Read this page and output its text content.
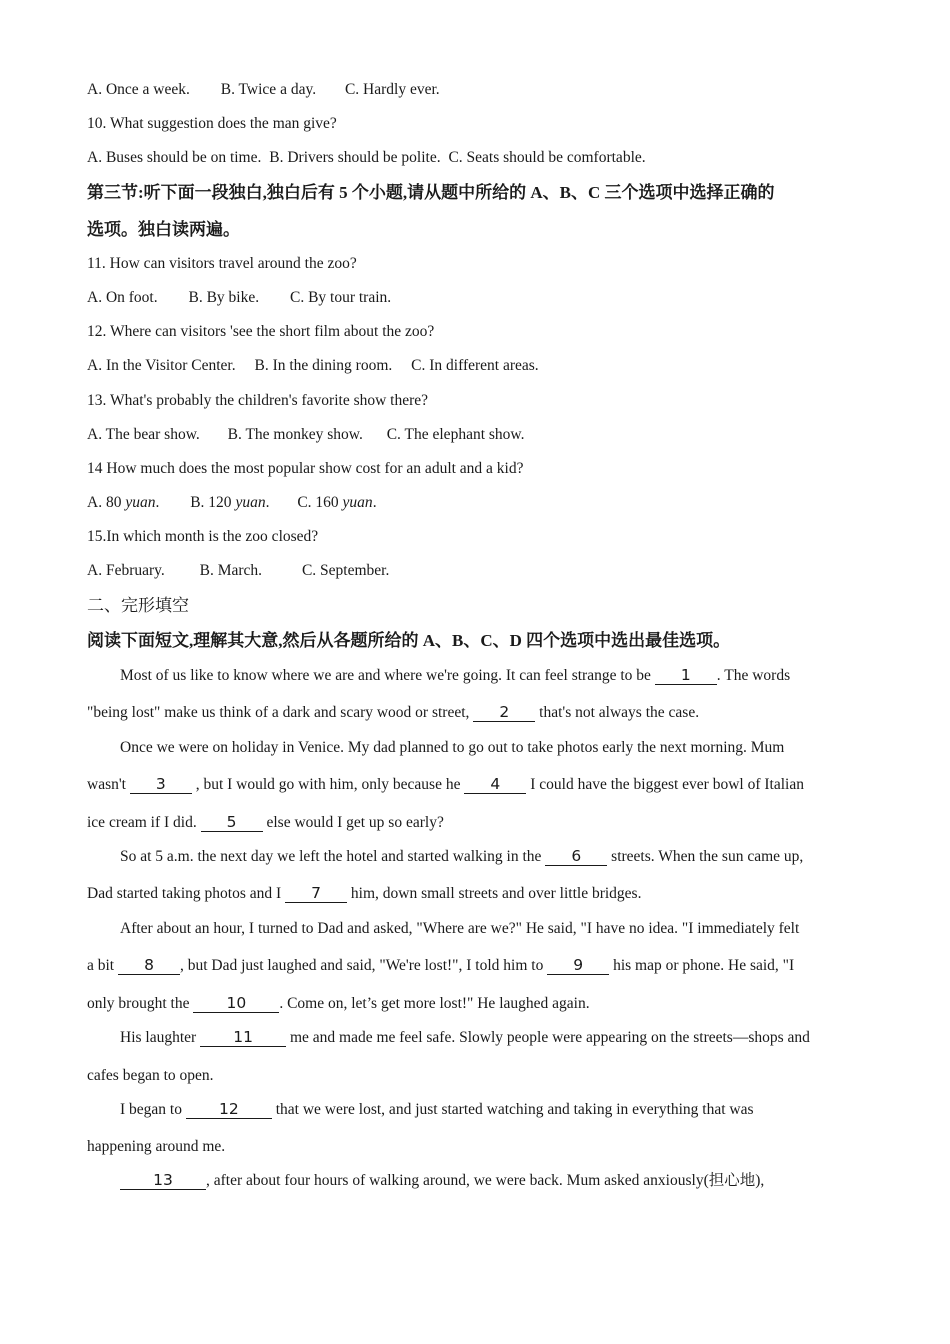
A. Once a week. B. Twice a day. C. Hardly ever.

10. What suggestion does the man give?

A. Buses should be on time. B. Drivers should be polite. C. Seats should be comfortable.

第三节:听下面一段独白,独白后有 5 个小题,请从题中所给的 A、B、C 三个选项中选择正确的

选项。独白读两遍。

11. How can visitors travel around the zoo?

A. On foot. B. By bike. C. By tour train.

12. Where can visitors 'see the short film about the zoo?

A. In the Visitor Center. B. In the dining room. C. In different areas.

13. What's probably the children's favorite show there?

A. The bear show. B. The monkey show. C. The elephant show.

14 How much does the most popular show cost for an adult and a kid?

A. 80 yuan. B. 120 yuan. C. 160 yuan.

15.In which month is the zoo closed?

A. February. B. March.	C. September.

二、完形填空

阅读下面短文,理解其大意,然后从各题所给的 A、B、C、D 四个选项中选出最佳选项。

Most of us like to know where we are and where we're going. It can feel strange to be 1 . The words

"being lost" make us think of a dark and scary wood or street, 2 that's not always the case.

Once we were on holiday in Venice. My dad planned to go out to take photos early the next morning. Mum

wasn't 3 , but I would go with him, only because he 4 I could have the biggest ever bowl of Italian

ice cream if I did. 5 else would I get up so early?

So at 5 a.m. the next day we left the hotel and started walking in the 6 streets. When the sun came up,

Dad started taking photos and I 7 him, down small streets and over little bridges.

After about an hour, I turned to Dad and asked, "Where are we?" He said, "I have no idea. "I immediately felt

a bit 8 , but Dad just laughed and said, "We're lost!", I told him to 9 his map or phone. He said, "I

only brought the 10 . Come on, let’s get more lost!" He laughed again.

His laughter 11 me and made me feel safe. Slowly people were appearing on the streets—shops and

cafes began to open.

I began to 12 that we were lost, and just started watching and taking in everything that was

happening around me.

13 , after about four hours of walking around, we were back. Mum asked anxiously(担心地),
